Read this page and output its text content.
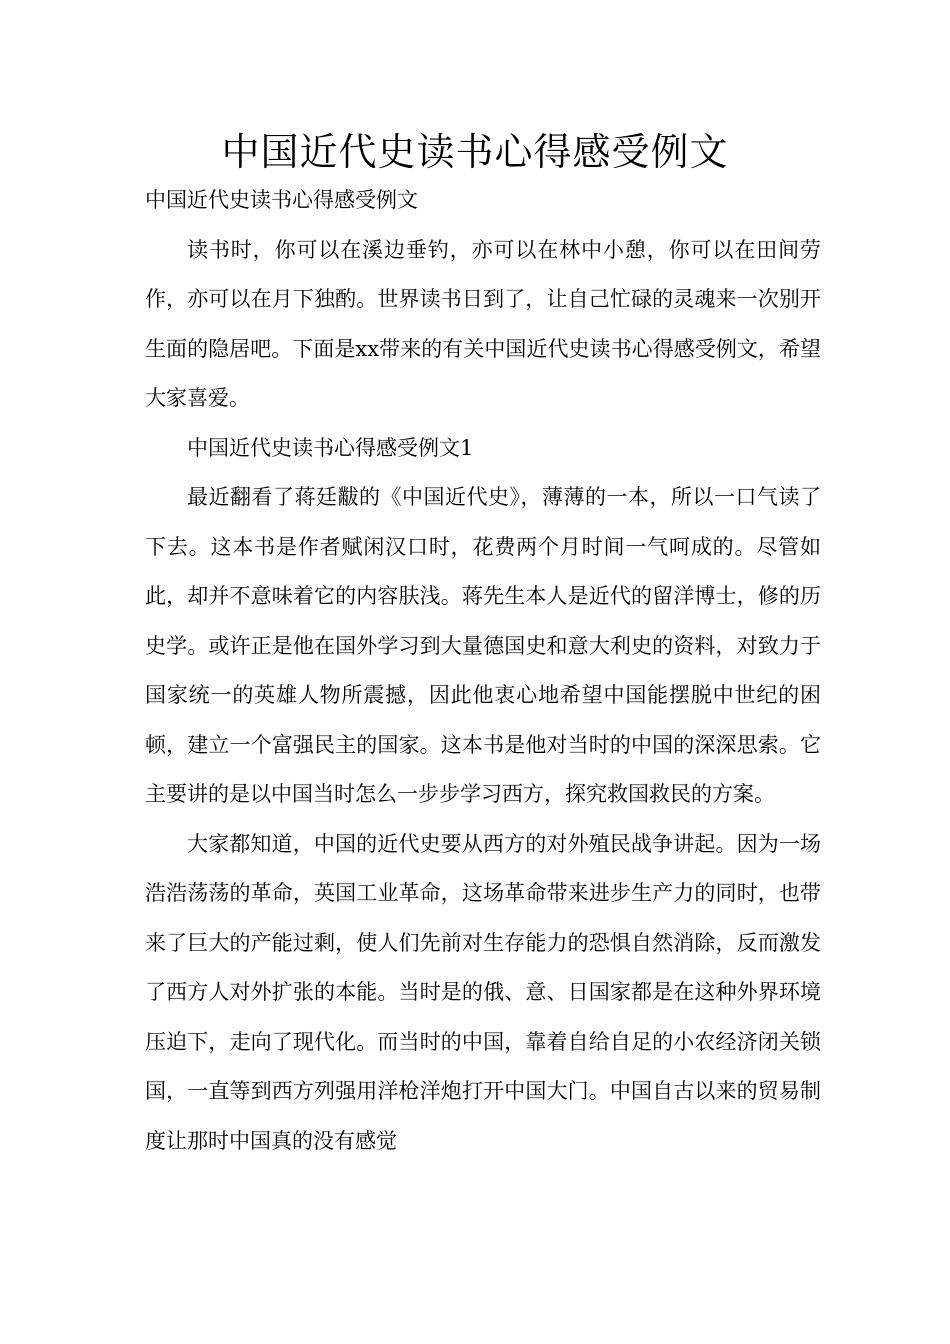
中国近代史读书心得感受例文

中国近代史读书心得感受例文

读书时，你可以在溪边垂钓，亦可以在林中小憩，你可以在田间劳作，亦可以在月下独酌。世界读书日到了，让自己忙碌的灵魂来一次别开生面的隐居吧。下面是xx带来的有关中国近代史读书心得感受例文，希望大家喜爱。

中国近代史读书心得感受例文1

最近翻看了蒋廷黻的《中国近代史》，薄薄的一本，所以一口气读了下去。这本书是作者赋闲汉口时，花费两个月时间一气呵成的。尽管如此，却并不意味着它的内容肤浅。蒋先生本人是近代的留洋博士，修的历史学。或许正是他在国外学习到大量德国史和意大利史的资料，对致力于国家统一的英雄人物所震撼，因此他衷心地希望中国能摆脱中世纪的困顿，建立一个富强民主的国家。这本书是他对当时的中国的深深思索。它主要讲的是以中国当时怎么一步步学习西方，探究救国救民的方案。

大家都知道，中国的近代史要从西方的对外殖民战争讲起。因为一场浩浩荡荡的革命，英国工业革命，这场革命带来进步生产力的同时，也带来了巨大的产能过剩，使人们先前对生存能力的恐惧自然消除，反而激发了西方人对外扩张的本能。当时是的俄、意、日国家都是在这种外界环境压迫下，走向了现代化。而当时的中国，靠着自给自足的小农经济闭关锁国，一直等到西方列强用洋枪洋炮打开中国大门。中国自古以来的贸易制度让那时中国真的没有感觉
